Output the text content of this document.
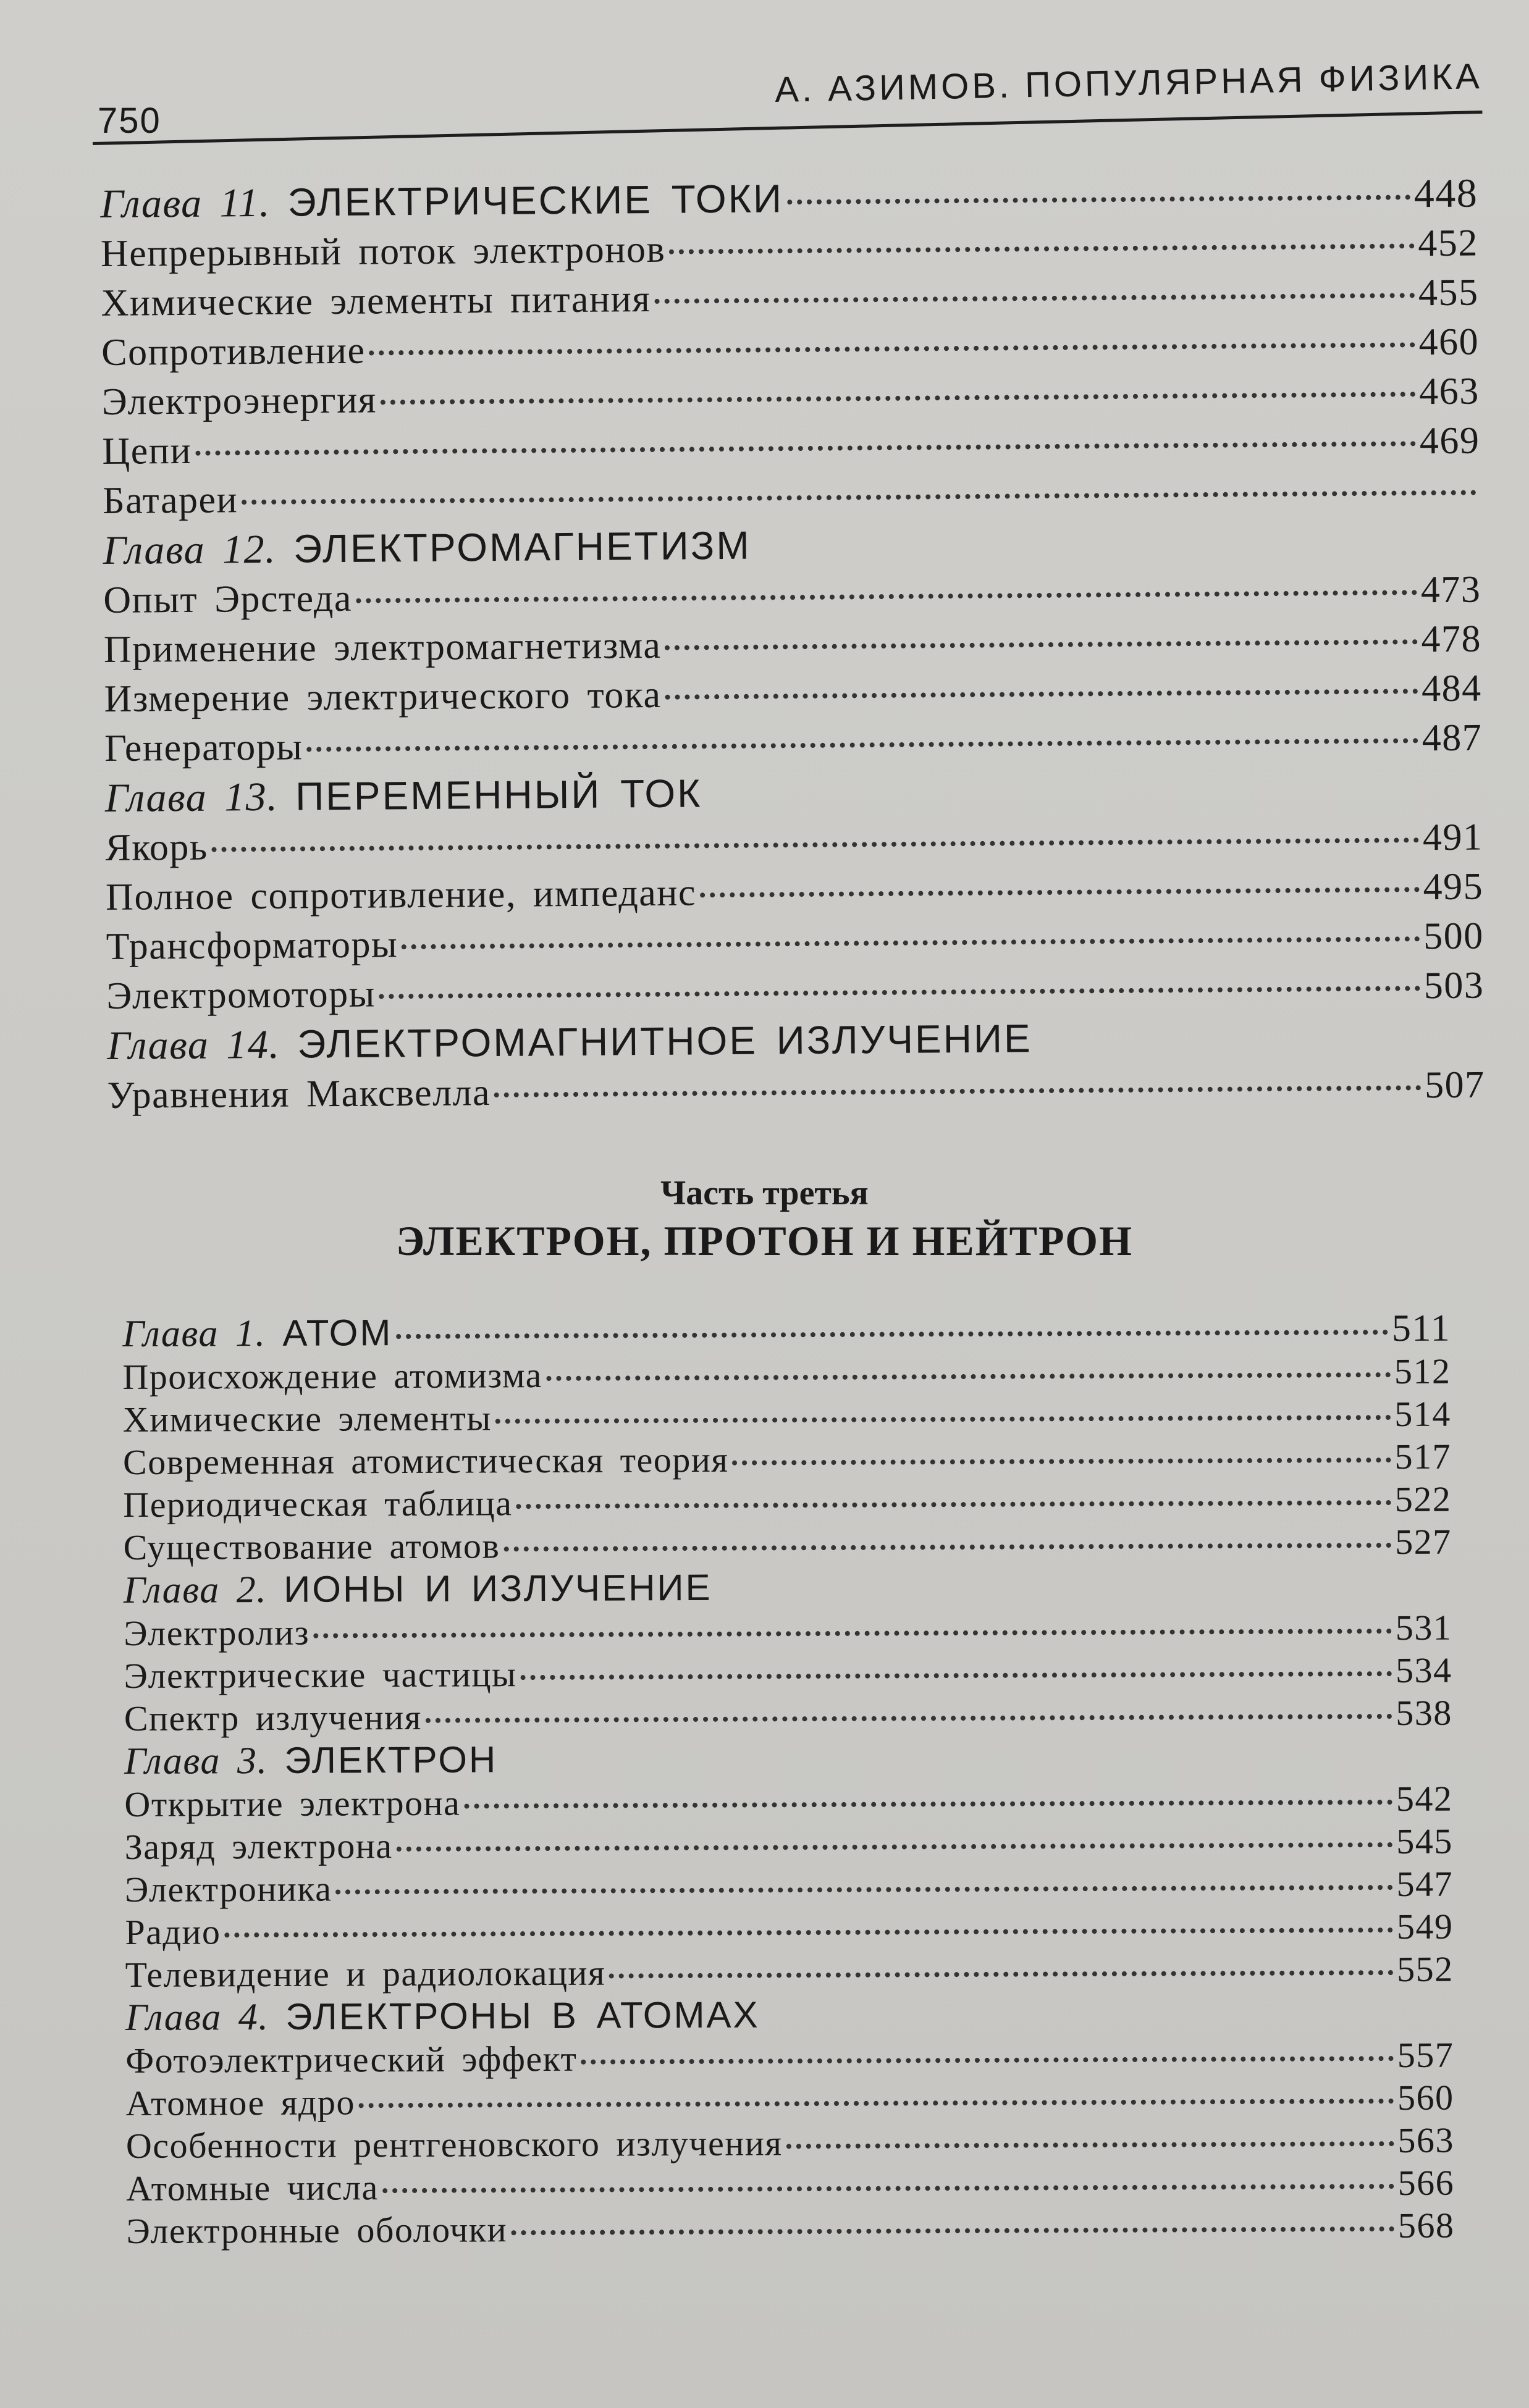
750
А. АЗИМОВ. ПОПУЛЯРНАЯ ФИЗИКА
Глава 11. ЭЛЕКТРИЧЕСКИЕ ТОКИ	448
Непрерывный поток электронов	452
Химические элементы питания	455
Сопротивление	460
Электроэнергия	463
Цепи	469
Батареи
Глава 12. ЭЛЕКТРОМАГНЕТИЗМ
Опыт Эрстеда	473
Применение электромагнетизма	478
Измерение электрического тока	484
Генераторы	487
Глава 13. ПЕРЕМЕННЫЙ ТОК
Якорь	491
Полное сопротивление, импеданс	495
Трансформаторы	500
Электромоторы	503
Глава 14. ЭЛЕКТРОМАГНИТНОЕ ИЗЛУЧЕНИЕ
Уравнения Максвелла	507
Часть третья
ЭЛЕКТРОН, ПРОТОН И НЕЙТРОН
Глава 1. АТОМ	511
Происхождение атомизма	512
Химические элементы	514
Современная атомистическая теория	517
Периодическая таблица	522
Существование атомов	527
Глава 2. ИОНЫ И ИЗЛУЧЕНИЕ
Электролиз	531
Электрические частицы	534
Спектр излучения	538
Глава 3. ЭЛЕКТРОН
Открытие электрона	542
Заряд электрона	545
Электроника	547
Радио	549
Телевидение и радиолокация	552
Глава 4. ЭЛЕКТРОНЫ В АТОМАХ
Фотоэлектрический эффект	557
Атомное ядро	560
Особенности рентгеновского излучения	563
Атомные числа	566
Электронные оболочки	568
